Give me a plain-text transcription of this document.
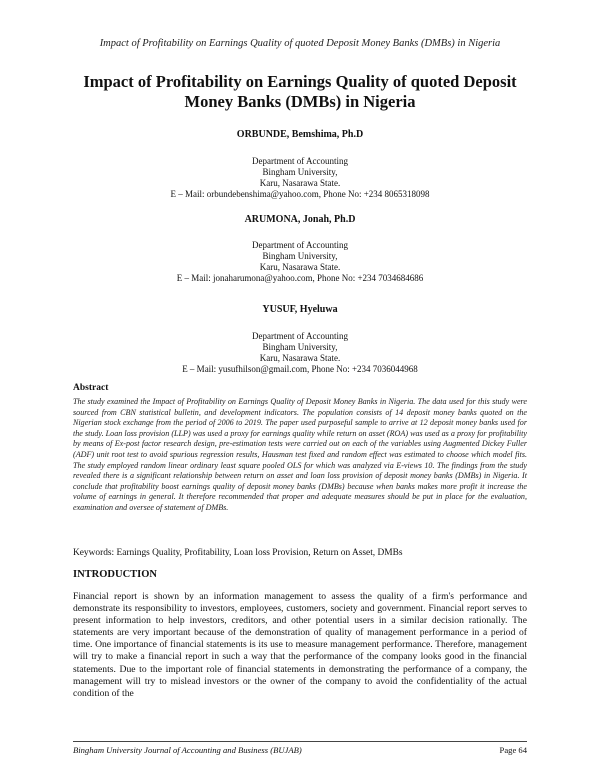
Impact of Profitability on Earnings Quality of quoted Deposit Money Banks (DMBs) in Nigeria
Impact of Profitability on Earnings Quality of quoted Deposit
Money Banks (DMBs) in Nigeria
ORBUNDE, Bemshima, Ph.D
Department of Accounting
Bingham University,
Karu, Nasarawa State.
E – Mail: orbundebenshima@yahoo.com, Phone No: +234 8065318098
ARUMONA, Jonah, Ph.D
Department of Accounting
Bingham University,
Karu, Nasarawa State.
E – Mail: jonaharumona@yahoo.com, Phone No: +234 7034684686
YUSUF, Hyeluwa
Department of Accounting
Bingham University,
Karu, Nasarawa State.
E – Mail: yusufhilson@gmail.com, Phone No: +234 7036044968
Abstract

The study examined the Impact of Profitability on Earnings Quality of Deposit Money Banks in Nigeria. The data used for this study were sourced from CBN statistical bulletin, and development indicators. The population consists of 14 deposit money banks quoted on the Nigerian stock exchange from the period of 2006 to 2019. The paper used purposeful sample to arrive at 12 deposit money banks used for the study. Loan loss provision (LLP) was used a proxy for earnings quality while return on asset (ROA) was used as a proxy for profitability by means of Ex-post factor research design, pre-estimation tests were carried out on each of the variables using Augmented Dickey Fuller (ADF) unit root test to avoid spurious regression results, Hausman test fixed and random effect was estimated to choose which model fits. The study employed random linear ordinary least square pooled OLS for which was analyzed via E-views 10. The findings from the study revealed there is a significant relationship between return on asset and loan loss provision of deposit money banks (DMBs) in Nigeria. It conclude that profitability boost earnings quality of deposit money banks (DMBs) because when banks makes more profit it increase the volume of earnings in general. It therefore recommended that proper and adequate measures should be put in place for the evaluation, examination and oversee of statement of DMBs.

Keywords: Earnings Quality, Profitability, Loan loss Provision, Return on Asset, DMBs

INTRODUCTION

Financial report is shown by an information management to assess the quality of a firm's performance and demonstrate its responsibility to investors, employees, customers, society and government. Financial report serves to present information to help investors, creditors, and other potential users in a similar decision rationally. The statements are very important because of the demonstration of quality of management performance in a period of time. One importance of financial statements is its use to measure management performance. Therefore, management will try to make a financial report in such a way that the performance of the company looks good in the financial statements. Due to the important role of financial statements in demonstrating the performance of a company, the management will try to mislead investors or the owner of the company to avoid the confidentiality of the actual condition of the

Bingham University Journal of Accounting and Business (BUJAB)	Page 64
